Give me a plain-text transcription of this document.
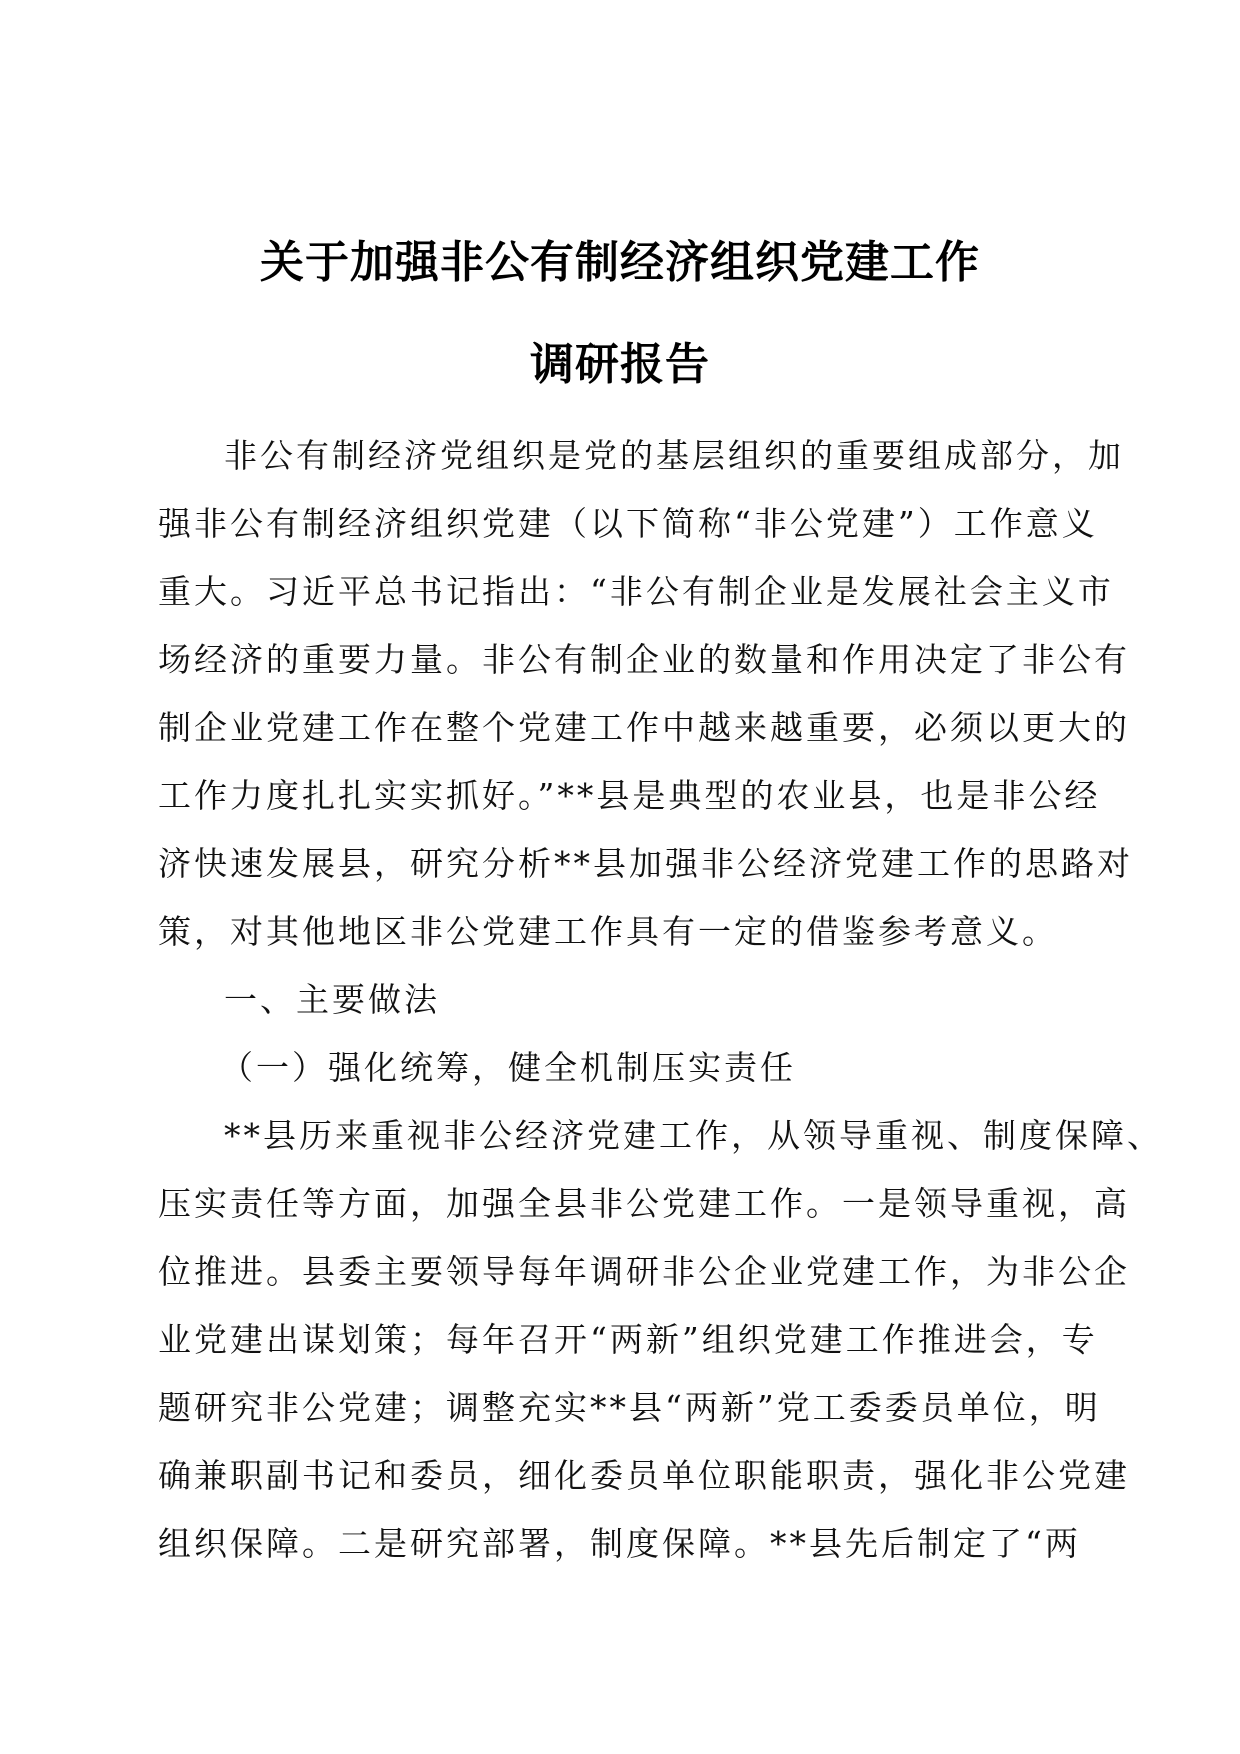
关于加强非公有制经济组织党建工作
调研报告
非公有制经济党组织是党的基层组织的重要组成部分，加
强非公有制经济组织党建（以下简称“非公党建”）工作意义
重大。习近平总书记指出：“非公有制企业是发展社会主义市
场经济的重要力量。非公有制企业的数量和作用决定了非公有
制企业党建工作在整个党建工作中越来越重要，必须以更大的
工作力度扎扎实实抓好。”**县是典型的农业县，也是非公经
济快速发展县，研究分析**县加强非公经济党建工作的思路对
策，对其他地区非公党建工作具有一定的借鉴参考意义。
一、主要做法
（一）强化统筹，健全机制压实责任
**县历来重视非公经济党建工作，从领导重视、制度保障、
压实责任等方面，加强全县非公党建工作。一是领导重视，高
位推进。县委主要领导每年调研非公企业党建工作，为非公企
业党建出谋划策；每年召开“两新”组织党建工作推进会，专
题研究非公党建；调整充实**县“两新”党工委委员单位，明
确兼职副书记和委员，细化委员单位职能职责，强化非公党建
组织保障。二是研究部署，制度保障。**县先后制定了“两
